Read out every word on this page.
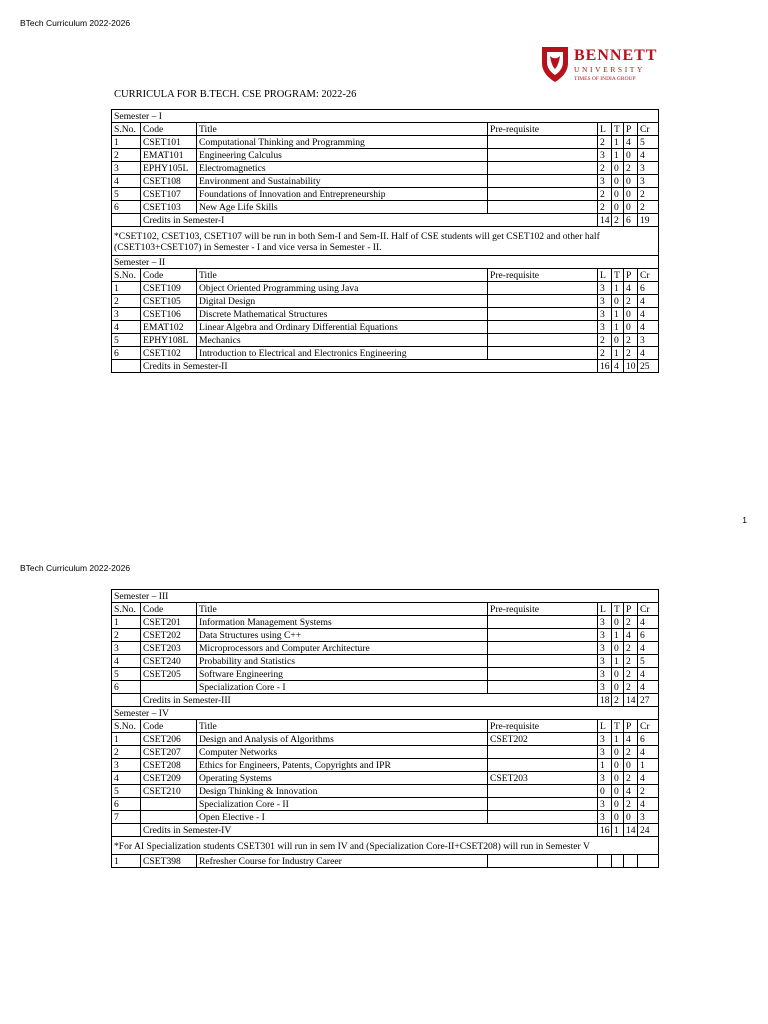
BTech Curriculum 2022-2026
BENNETT
UNIVERSITY
TIMES OF INDIA GROUP
CURRICULA FOR B.TECH. CSE PROGRAM: 2022-26
Semester – I							
S.No.	Code	Title	Pre-requisite	L	T	P	Cr
1	CSET101	Computational Thinking and Programming		2	1	4	5
2	EMAT101	Engineering Calculus		3	1	0	4
3	EPHY105L	Electromagnetics		2	0	2	3
4	CSET108	Environment and Sustainability		3	0	0	3
5	CSET107	Foundations of Innovation and Entrepreneurship		2	0	0	2
6	CSET103	New Age Life Skills		2	0	0	2
	Credits in Semester-I			14	2	6	19
*CSET102, CSET103, CSET107 will be run in both Sem-I and Sem-II. Half of CSE students will get CSET102 and other half (CSET103+CSET107) in Semester - I and vice versa in Semester - II.							
Semester – II							
S.No.	Code	Title	Pre-requisite	L	T	P	Cr
1	CSET109	Object Oriented Programming using Java		3	1	4	6
2	CSET105	Digital Design		3	0	2	4
3	CSET106	Discrete Mathematical Structures		3	1	0	4
4	EMAT102	Linear Algebra and Ordinary Differential Equations		3	1	0	4
5	EPHY108L	Mechanics		2	0	2	3
6	CSET102	Introduction to Electrical and Electronics Engineering		2	1	2	4
	Credits in Semester-II			16	4	10	25
1
BTech Curriculum 2022-2026
Semester – III							
S.No.	Code	Title	Pre-requisite	L	T	P	Cr
1	CSET201	Information Management Systems		3	0	2	4
2	CSET202	Data Structures using C++		3	1	4	6
3	CSET203	Microprocessors and Computer Architecture		3	0	2	4
4	CSET240	Probability and Statistics		3	1	2	5
5	CSET205	Software Engineering		3	0	2	4
6		Specialization Core - I		3	0	2	4
	Credits in Semester-III			18	2	14	27
Semester – IV							
S.No.	Code	Title	Pre-requisite	L	T	P	Cr
1	CSET206	Design and Analysis of Algorithms	CSET202	3	1	4	6
2	CSET207	Computer Networks		3	0	2	4
3	CSET208	Ethics for Engineers, Patents, Copyrights and IPR		1	0	0	1
4	CSET209	Operating Systems	CSET203	3	0	2	4
5	CSET210	Design Thinking & Innovation		0	0	4	2
6		Specialization Core - II		3	0	2	4
7		Open Elective - I		3	0	0	3
	Credits in Semester-IV			16	1	14	24
*For AI Specialization students CSET301 will run in sem IV and (Specialization Core-II+CSET208) will run in Semester V							
1	CSET398	Refresher Course for Industry Career					
